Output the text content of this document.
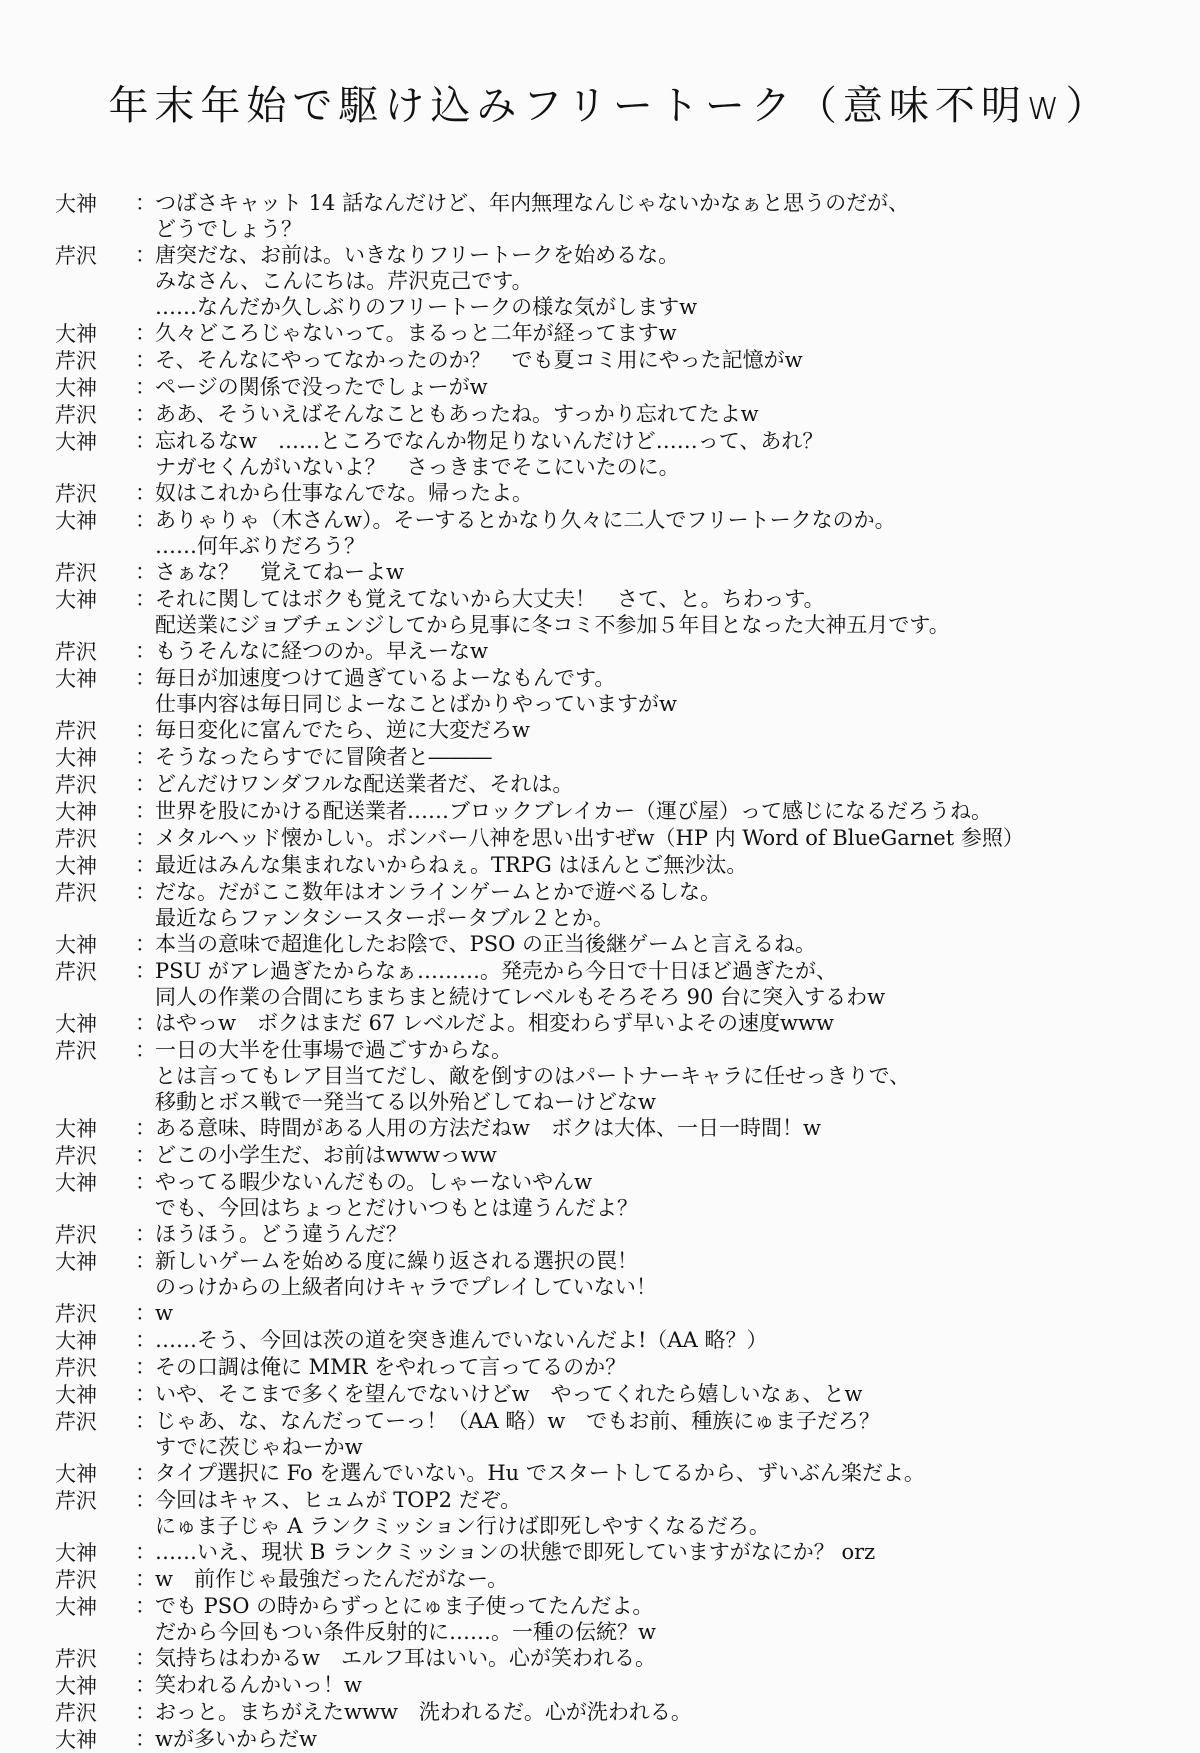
年末年始で駆け込みフリートーク（意味不明w）
大神	： つばさキャット 14 話なんだけど、年内無理なんじゃないかなぁと思うのだが、
どうでしょう？
芹沢	： 唐突だな、お前は。いきなりフリートークを始めるな。
みなさん、こんにちは。芹沢克己です。
……なんだか久しぶりのフリートークの様な気がしますw
大神	： 久々どころじゃないって。まるっと二年が経ってますw
芹沢	： そ、そんなにやってなかったのか？　でも夏コミ用にやった記憶がw
大神	： ページの関係で没ったでしょーがw
芹沢	： ああ、そういえばそんなこともあったね。すっかり忘れてたよw
大神	： 忘れるなw　……ところでなんか物足りないんだけど……って、あれ？
ナガセくんがいないよ？　さっきまでそこにいたのに。
芹沢	： 奴はこれから仕事なんでな。帰ったよ。
大神	： ありゃりゃ（木さんw）。そーするとかなり久々に二人でフリートークなのか。
……何年ぶりだろう？
芹沢	： さぁな？　覚えてねーよw
大神	： それに関してはボクも覚えてないから大丈夫！　さて、と。ちわっす。
配送業にジョブチェンジしてから見事に冬コミ不参加５年目となった大神五月です。
芹沢	： もうそんなに経つのか。早えーなw
大神	： 毎日が加速度つけて過ぎているよーなもんです。
仕事内容は毎日同じよーなことばかりやっていますがw
芹沢	： 毎日変化に富んでたら、逆に大変だろw
大神	： そうなったらすでに冒険者と―――
芹沢	： どんだけワンダフルな配送業者だ、それは。
大神	： 世界を股にかける配送業者……ブロックブレイカー（運び屋）って感じになるだろうね。
芹沢	： メタルヘッド懐かしい。ボンバー八神を思い出すぜw（HP 内 Word of BlueGarnet 参照）
大神	： 最近はみんな集まれないからねぇ。TRPG はほんとご無沙汰。
芹沢	： だな。だがここ数年はオンラインゲームとかで遊べるしな。
最近ならファンタシースターポータブル２とか。
大神	： 本当の意味で超進化したお陰で、PSO の正当後継ゲームと言えるね。
芹沢	： PSU がアレ過ぎたからなぁ………。発売から今日で十日ほど過ぎたが、
同人の作業の合間にちまちまと続けてレベルもそろそろ 90 台に突入するわw
大神	： はやっw　ボクはまだ 67 レベルだよ。相変わらず早いよその速度www
芹沢	： 一日の大半を仕事場で過ごすからな。
とは言ってもレア目当てだし、敵を倒すのはパートナーキャラに任せっきりで、
移動とボス戦で一発当てる以外殆どしてねーけどなw
大神	： ある意味、時間がある人用の方法だねw　ボクは大体、一日一時間！w
芹沢	： どこの小学生だ、お前はwwwっww
大神	： やってる暇少ないんだもの。しゃーないやんw
でも、今回はちょっとだけいつもとは違うんだよ？
芹沢	： ほうほう。どう違うんだ？
大神	： 新しいゲームを始める度に繰り返される選択の罠！
のっけからの上級者向けキャラでプレイしていない！
芹沢	： w
大神	： ……そう、今回は茨の道を突き進んでいないんだよ!（AA 略？）
芹沢	： その口調は俺に MMR をやれって言ってるのか？
大神	： いや、そこまで多くを望んでないけどw　やってくれたら嬉しいなぁ、とw
芹沢	： じゃあ、な、なんだってーっ！（AA 略）w　でもお前、種族にゅま子だろ？
すでに茨じゃねーかw
大神	： タイプ選択に Fo を選んでいない。Hu でスタートしてるから、ずいぶん楽だよ。
芹沢	： 今回はキャス、ヒュムが TOP2 だぞ。
にゅま子じゃ A ランクミッション行けば即死しやすくなるだろ。
大神	： ……いえ、現状 B ランクミッションの状態で即死していますがなにか？ orz
芹沢	： w　前作じゃ最強だったんだがなー。
大神	： でも PSO の時からずっとにゅま子使ってたんだよ。
だから今回もつい条件反射的に……。一種の伝統？w
芹沢	： 気持ちはわかるw　エルフ耳はいい。心が笑われる。
大神	： 笑われるんかいっ！w
芹沢	： おっと。まちがえたwww　洗われるだ。心が洗われる。
大神	： wが多いからだw
